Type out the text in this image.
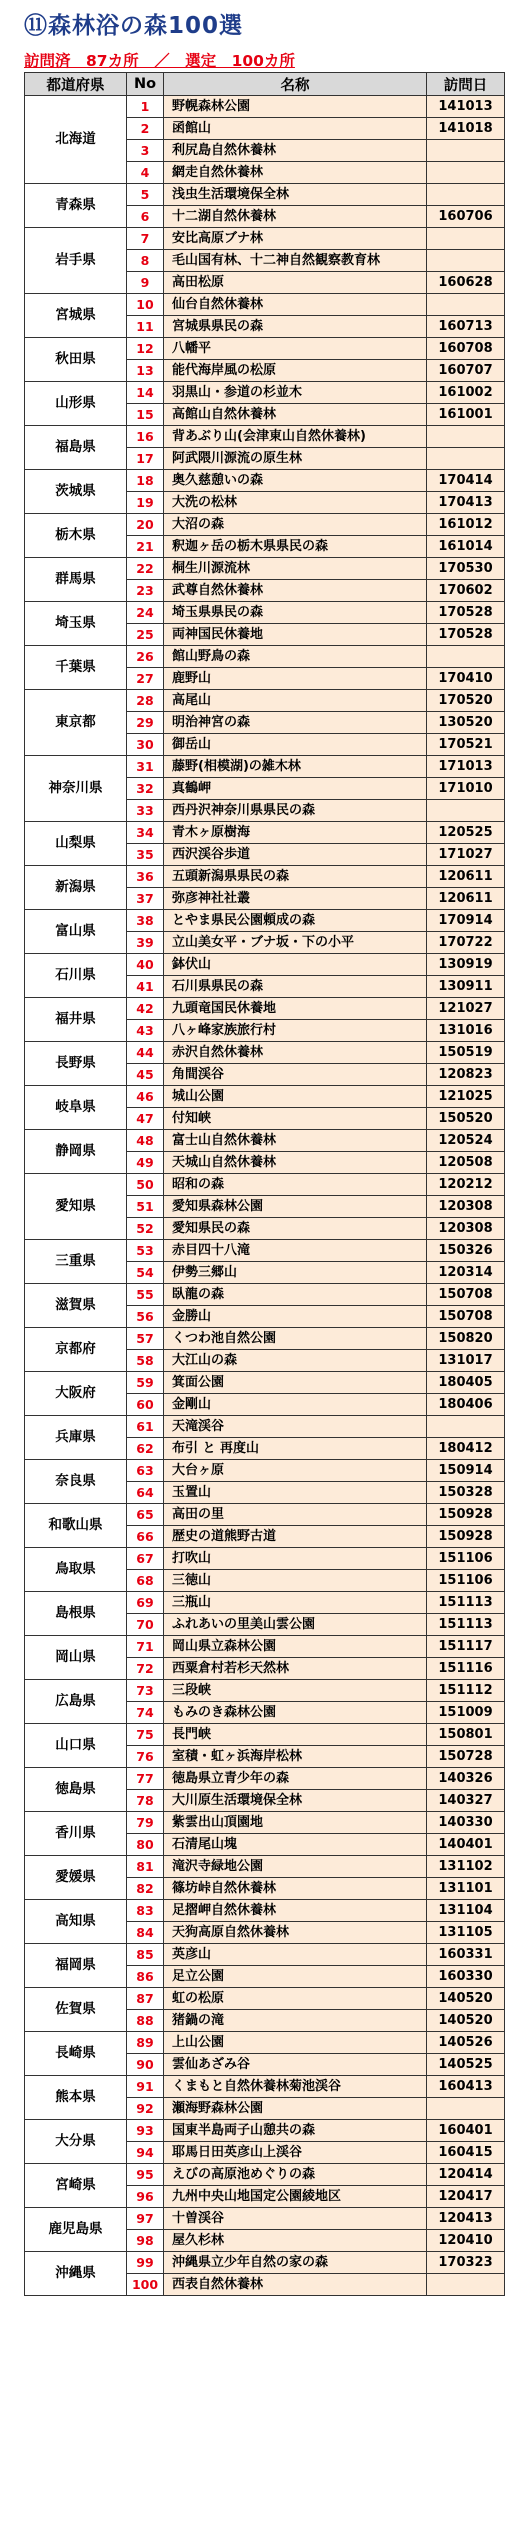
⑪森林浴の森100選
訪問済　87カ所　／　選定　100カ所
都道府県	No	名称	訪問日
北海道	1	野幌森林公園	141013
	2	函館山	141018
	3	利尻島自然休養林	
	4	網走自然休養林	
青森県	5	浅虫生活環境保全林	
	6	十二湖自然休養林	160706
岩手県	7	安比高原ブナ林	
	8	毛山国有林、十二神自然観察教育林	
	9	高田松原	160628
宮城県	10	仙台自然休養林	
	11	宮城県県民の森	160713
秋田県	12	八幡平	160708
	13	能代海岸風の松原	160707
山形県	14	羽黒山・参道の杉並木	161002
	15	高館山自然休養林	161001
福島県	16	背あぶり山(会津東山自然休養林)	
	17	阿武隈川源流の原生林	
茨城県	18	奥久慈憩いの森	170414
	19	大洗の松林	170413
栃木県	20	大沼の森	161012
	21	釈迦ヶ岳の栃木県県民の森	161014
群馬県	22	桐生川源流林	170530
	23	武尊自然休養林	170602
埼玉県	24	埼玉県県民の森	170528
	25	両神国民休養地	170528
千葉県	26	館山野鳥の森	
	27	鹿野山	170410
東京都	28	高尾山	170520
	29	明治神宮の森	130520
	30	御岳山	170521
神奈川県	31	藤野(相模湖)の雑木林	171013
	32	真鶴岬	171010
	33	西丹沢神奈川県県民の森	
山梨県	34	青木ヶ原樹海	120525
	35	西沢渓谷歩道	171027
新潟県	36	五頭新潟県県民の森	120611
	37	弥彦神社社叢	120611
富山県	38	とやま県民公園頼成の森	170914
	39	立山美女平・ブナ坂・下の小平	170722
石川県	40	鉢伏山	130919
	41	石川県県民の森	130911
福井県	42	九頭竜国民休養地	121027
	43	八ヶ峰家族旅行村	131016
長野県	44	赤沢自然休養林	150519
	45	角間渓谷	120823
岐阜県	46	城山公園	121025
	47	付知峡	150520
静岡県	48	富士山自然休養林	120524
	49	天城山自然休養林	120508
愛知県	50	昭和の森	120212
	51	愛知県森林公園	120308
	52	愛知県民の森	120308
三重県	53	赤目四十八滝	150326
	54	伊勢三郷山	120314
滋賀県	55	臥龍の森	150708
	56	金勝山	150708
京都府	57	くつわ池自然公園	150820
	58	大江山の森	131017
大阪府	59	箕面公園	180405
	60	金剛山	180406
兵庫県	61	天滝渓谷	
	62	布引 と 再度山	180412
奈良県	63	大台ヶ原	150914
	64	玉置山	150328
和歌山県	65	高田の里	150928
	66	歴史の道熊野古道	150928
鳥取県	67	打吹山	151106
	68	三徳山	151106
島根県	69	三瓶山	151113
	70	ふれあいの里美山雲公園	151113
岡山県	71	岡山県立森林公園	151117
	72	西粟倉村若杉天然林	151116
広島県	73	三段峡	151112
	74	もみのき森林公園	151009
山口県	75	長門峡	150801
	76	室積・虹ヶ浜海岸松林	150728
徳島県	77	徳島県立青少年の森	140326
	78	大川原生活環境保全林	140327
香川県	79	紫雲出山頂園地	140330
	80	石清尾山塊	140401
愛媛県	81	滝沢寺緑地公園	131102
	82	篠坊峠自然休養林	131101
高知県	83	足摺岬自然休養林	131104
	84	天狗高原自然休養林	131105
福岡県	85	英彦山	160331
	86	足立公園	160330
佐賀県	87	虹の松原	140520
	88	猪鍋の滝	140520
長崎県	89	上山公園	140526
	90	雲仙あざみ谷	140525
熊本県	91	くまもと自然休養林菊池渓谷	160413
	92	瀬海野森林公園	
大分県	93	国東半島両子山憩共の森	160401
	94	耶馬日田英彦山上渓谷	160415
宮崎県	95	えびの高原池めぐりの森	120414
	96	九州中央山地国定公園綾地区	120417
鹿児島県	97	十曽渓谷	120413
	98	屋久杉林	120410
沖縄県	99	沖縄県立少年自然の家の森	170323
	100	西表自然休養林	
